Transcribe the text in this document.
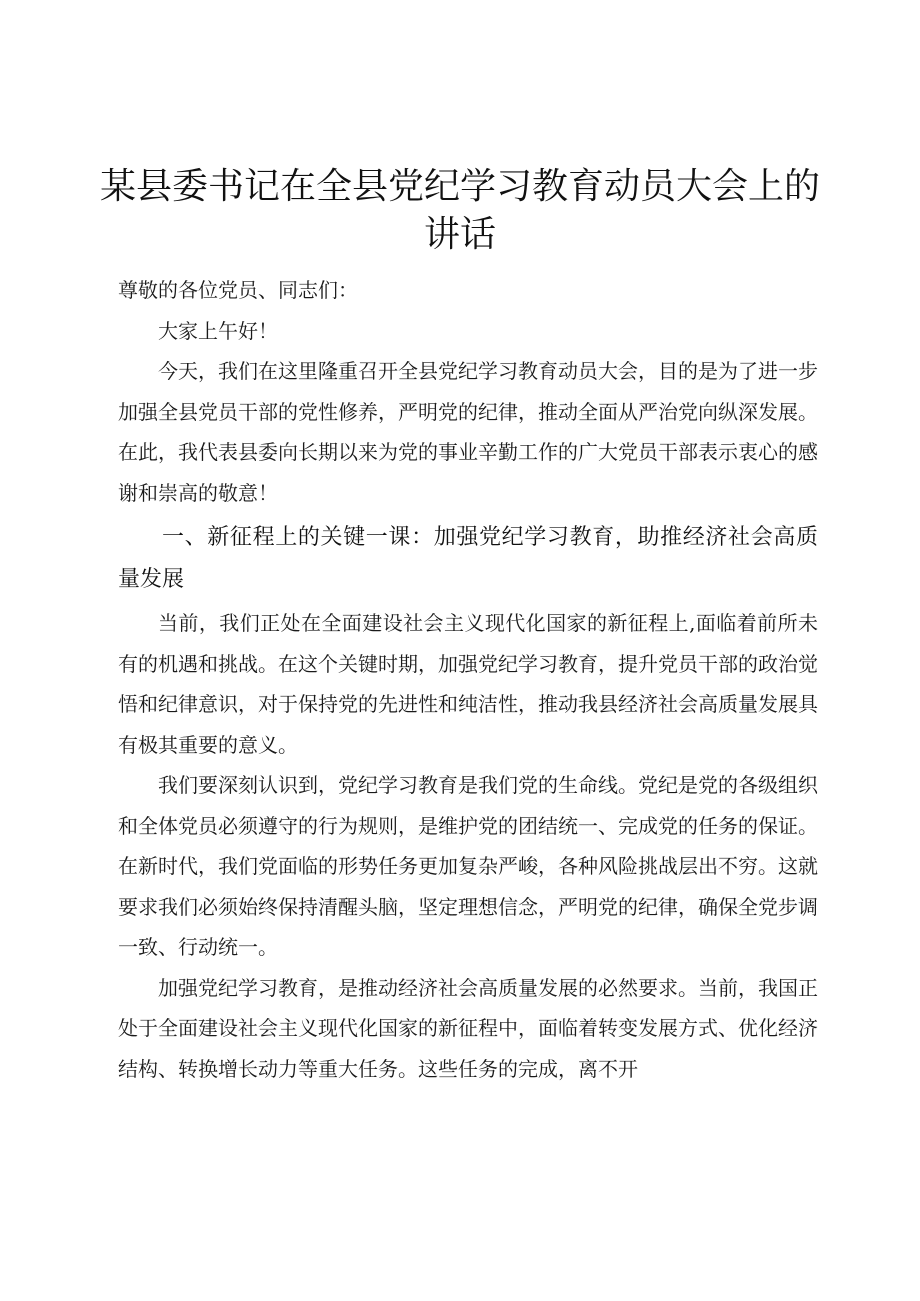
某县委书记在全县党纪学习教育动员大会上的讲话

尊敬的各位党员、同志们：

大家上午好！

今天，我们在这里隆重召开全县党纪学习教育动员大会，目的是为了进一步加强全县党员干部的党性修养，严明党的纪律，推动全面从严治党向纵深发展。在此，我代表县委向长期以来为党的事业辛勤工作的广大党员干部表示衷心的感谢和崇高的敬意！

一、新征程上的关键一课：加强党纪学习教育，助推经济社会高质量发展

当前，我们正处在全面建设社会主义现代化国家的新征程上,面临着前所未有的机遇和挑战。在这个关键时期，加强党纪学习教育，提升党员干部的政治觉悟和纪律意识，对于保持党的先进性和纯洁性，推动我县经济社会高质量发展具有极其重要的意义。

我们要深刻认识到，党纪学习教育是我们党的生命线。党纪是党的各级组织和全体党员必须遵守的行为规则，是维护党的团结统一、完成党的任务的保证。在新时代，我们党面临的形势任务更加复杂严峻，各种风险挑战层出不穷。这就要求我们必须始终保持清醒头脑，坚定理想信念，严明党的纪律，确保全党步调一致、行动统一。

加强党纪学习教育，是推动经济社会高质量发展的必然要求。当前，我国正处于全面建设社会主义现代化国家的新征程中，面临着转变发展方式、优化经济结构、转换增长动力等重大任务。这些任务的完成，离不开
